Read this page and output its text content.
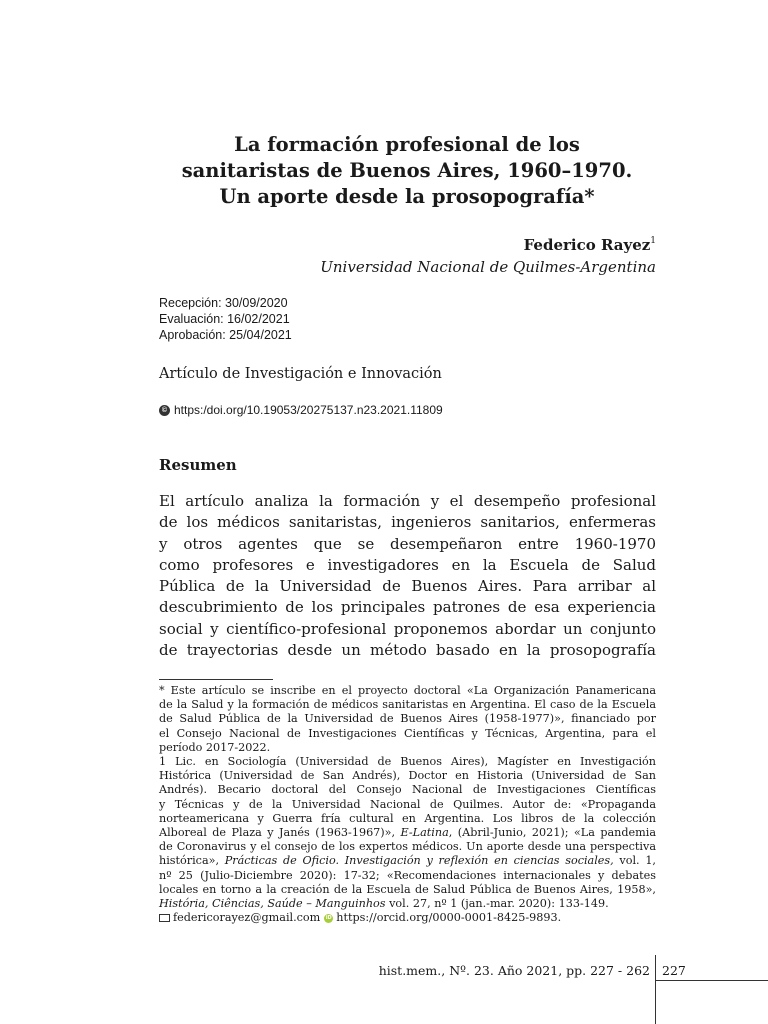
La formación profesional de los
sanitaristas de Buenos Aires, 1960–1970.
Un aporte desde la prosopografía*
Federico Rayez$^1$
Universidad Nacional de Quilmes-Argentina
Recepción: 30/09/2020
Evaluación: 16/02/2021
Aprobación: 25/04/2021
Artículo de Investigación e Innovación
© https:/doi.org/10.19053/20275137.n23.2021.11809
Resumen
El artículo analiza la formación y el desempeño profesional
de los médicos sanitaristas, ingenieros sanitarios, enfermeras
y otros agentes que se desempeñaron entre 1960-1970
como profesores e investigadores en la Escuela de Salud
Pública de la Universidad de Buenos Aires. Para arribar al
descubrimiento de los principales patrones de esa experiencia
social y científico-profesional proponemos abordar un conjunto
de trayectorias desde un método basado en la prosopografía
* Este artículo se inscribe en el proyecto doctoral «La Organización Panamericana
de la Salud y la formación de médicos sanitaristas en Argentina. El caso de la Escuela
de Salud Pública de la Universidad de Buenos Aires (1958-1977)», financiado por
el Consejo Nacional de Investigaciones Científicas y Técnicas, Argentina, para el
período 2017-2022.
1 Lic. en Sociología (Universidad de Buenos Aires), Magíster en Investigación
Histórica (Universidad de San Andrés), Doctor en Historia (Universidad de San
Andrés). Becario doctoral del Consejo Nacional de Investigaciones Científicas
y Técnicas y de la Universidad Nacional de Quilmes. Autor de: «Propaganda
norteamericana y Guerra fría cultural en Argentina. Los libros de la colección
Alboreal de Plaza y Janés (1963-1967)», E-Latina, (Abril-Junio, 2021); «La pandemia
de Coronavirus y el consejo de los expertos médicos. Un aporte desde una perspectiva
histórica», Prácticas de Oficio. Investigación y reflexión en ciencias sociales, vol. 1,
nº 25 (Julio-Diciembre 2020): 17-32; «Recomendaciones internacionales y debates
locales en torno a la creación de la Escuela de Salud Pública de Buenos Aires, 1958»,
História, Ciências, Saúde – Manguinhos vol. 27, nº 1 (jan.-mar. 2020): 133-149.
federicorayez@gmail.com	iD https://orcid.org/0000-0001-8425-9893.
hist.mem., Nº. 23. Año 2021, pp. 227 - 262 227
